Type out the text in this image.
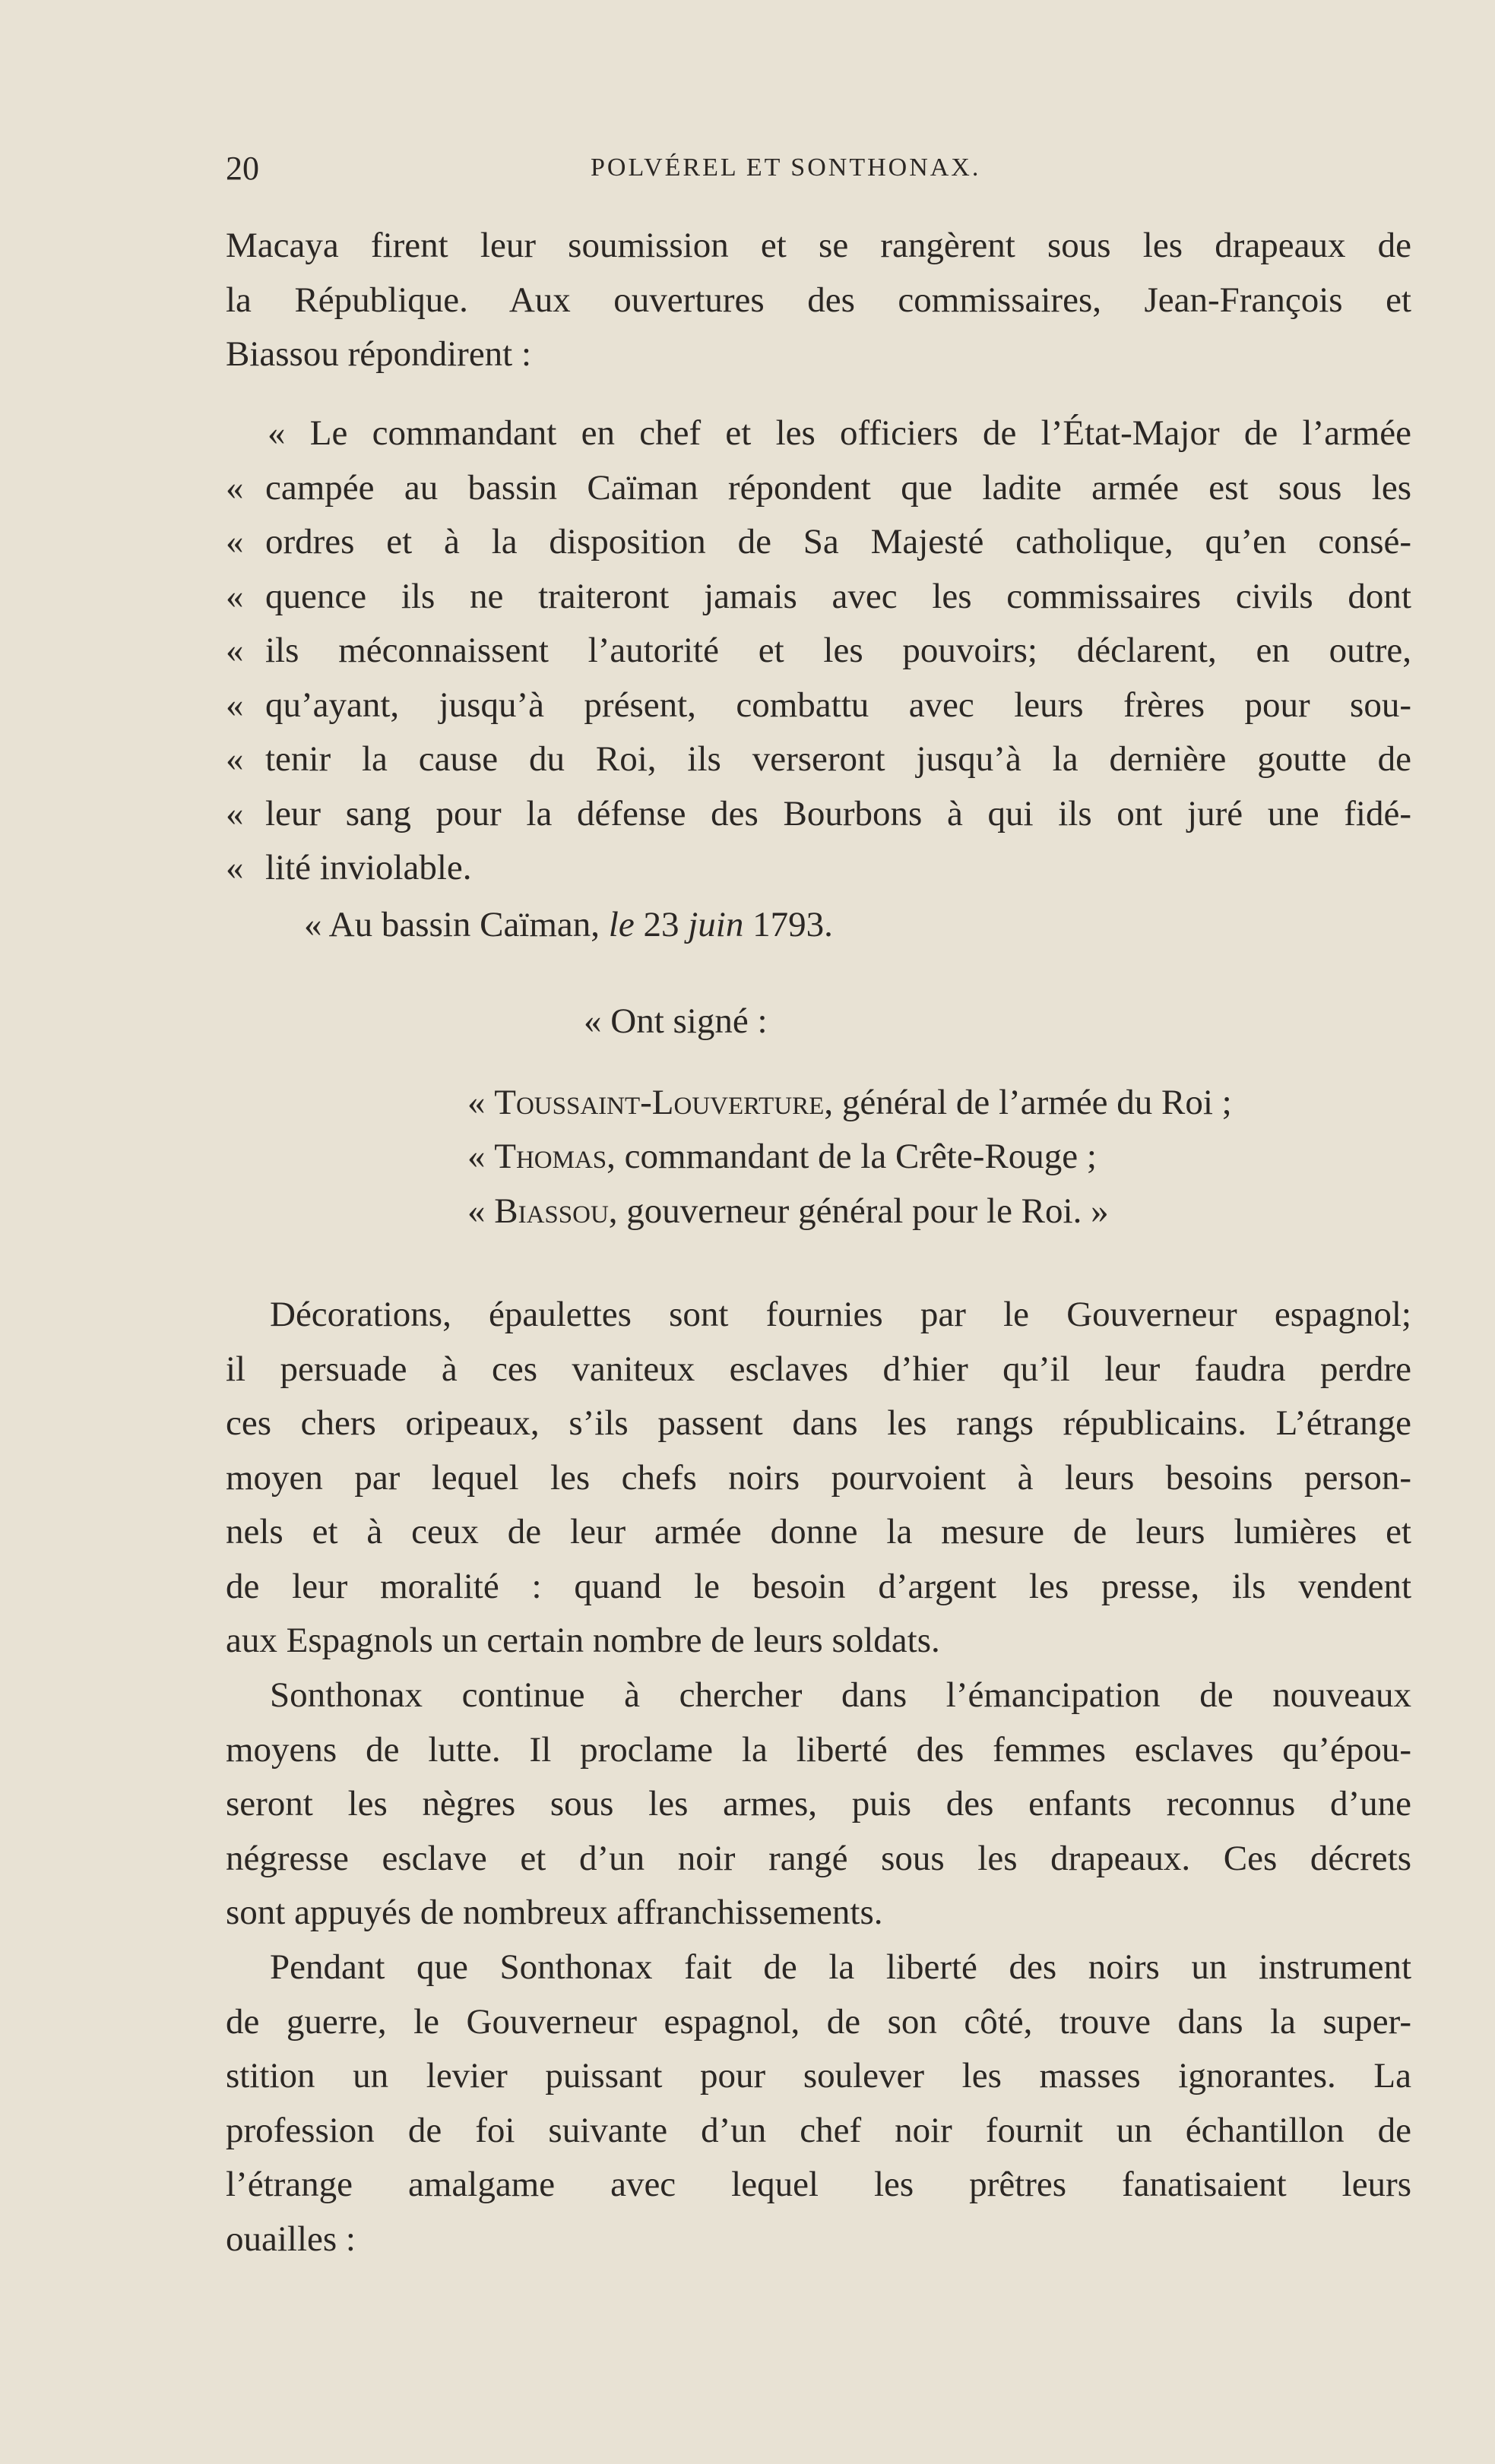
20	POLVÉREL ET SONTHONAX.
Macaya firent leur soumission et se rangèrent sous les drapeaux de
la République. Aux ouvertures des commissaires, Jean-François et
Biassou répondirent :
« Le commandant en chef et les officiers de l’État-Major de l’armée
« campée au bassin Caïman répondent que ladite armée est sous les
« ordres et à la disposition de Sa Majesté catholique, qu’en consé-
« quence ils ne traiteront jamais avec les commissaires civils dont
« ils méconnaissent l’autorité et les pouvoirs; déclarent, en outre,
« qu’ayant, jusqu’à présent, combattu avec leurs frères pour sou-
« tenir la cause du Roi, ils verseront jusqu’à la dernière goutte de
« leur sang pour la défense des Bourbons à qui ils ont juré une fidé-
« lité inviolable.
« Au bassin Caïman, le 23 juin 1793.
« Ont signé :
« Toussaint-Louverture, général de l’armée du Roi ;
« Thomas, commandant de la Crête-Rouge ;
« Biassou, gouverneur général pour le Roi. »
Décorations, épaulettes sont fournies par le Gouverneur espagnol;
il persuade à ces vaniteux esclaves d’hier qu’il leur faudra perdre
ces chers oripeaux, s’ils passent dans les rangs républicains. L’étrange
moyen par lequel les chefs noirs pourvoient à leurs besoins person-
nels et à ceux de leur armée donne la mesure de leurs lumières et
de leur moralité : quand le besoin d’argent les presse, ils vendent
aux Espagnols un certain nombre de leurs soldats.
Sonthonax continue à chercher dans l’émancipation de nouveaux
moyens de lutte. Il proclame la liberté des femmes esclaves qu’épou-
seront les nègres sous les armes, puis des enfants reconnus d’une
négresse esclave et d’un noir rangé sous les drapeaux. Ces décrets
sont appuyés de nombreux affranchissements.
Pendant que Sonthonax fait de la liberté des noirs un instrument
de guerre, le Gouverneur espagnol, de son côté, trouve dans la super-
stition un levier puissant pour soulever les masses ignorantes. La
profession de foi suivante d’un chef noir fournit un échantillon de
l’étrange amalgame avec lequel les prêtres fanatisaient leurs
ouailles :
